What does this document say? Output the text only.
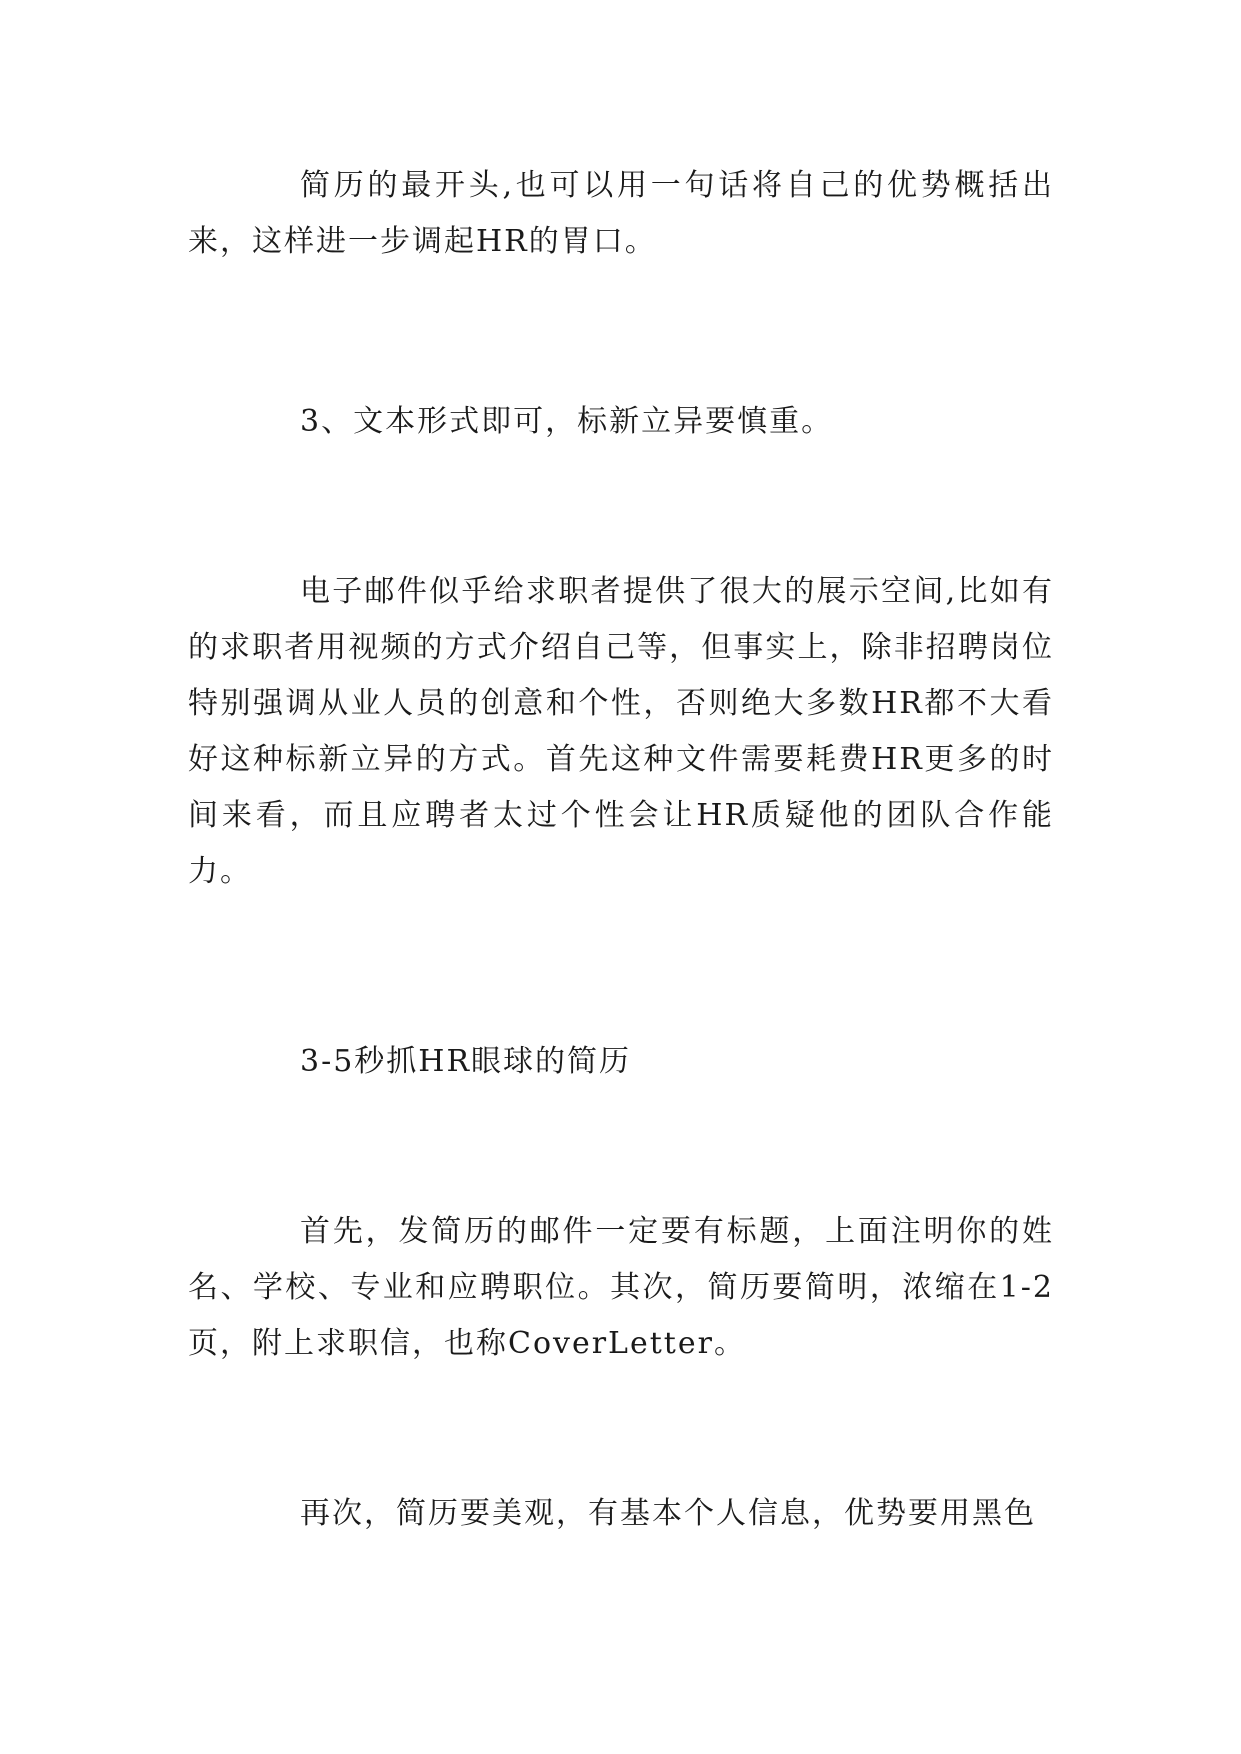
简历的最开头,也可以用一句话将自己的优势概括出来，这样进一步调起HR的胃口。

3、文本形式即可，标新立异要慎重。

电子邮件似乎给求职者提供了很大的展示空间,比如有的求职者用视频的方式介绍自己等，但事实上，除非招聘岗位特别强调从业人员的创意和个性，否则绝大多数HR都不大看好这种标新立异的方式。首先这种文件需要耗费HR更多的时间来看，而且应聘者太过个性会让HR质疑他的团队合作能力。

3-5秒抓HR眼球的简历

首先，发简历的邮件一定要有标题，上面注明你的姓名、学校、专业和应聘职位。其次，简历要简明，浓缩在1-2页，附上求职信，也称CoverLetter。

再次，简历要美观，有基本个人信息，优势要用黑色
